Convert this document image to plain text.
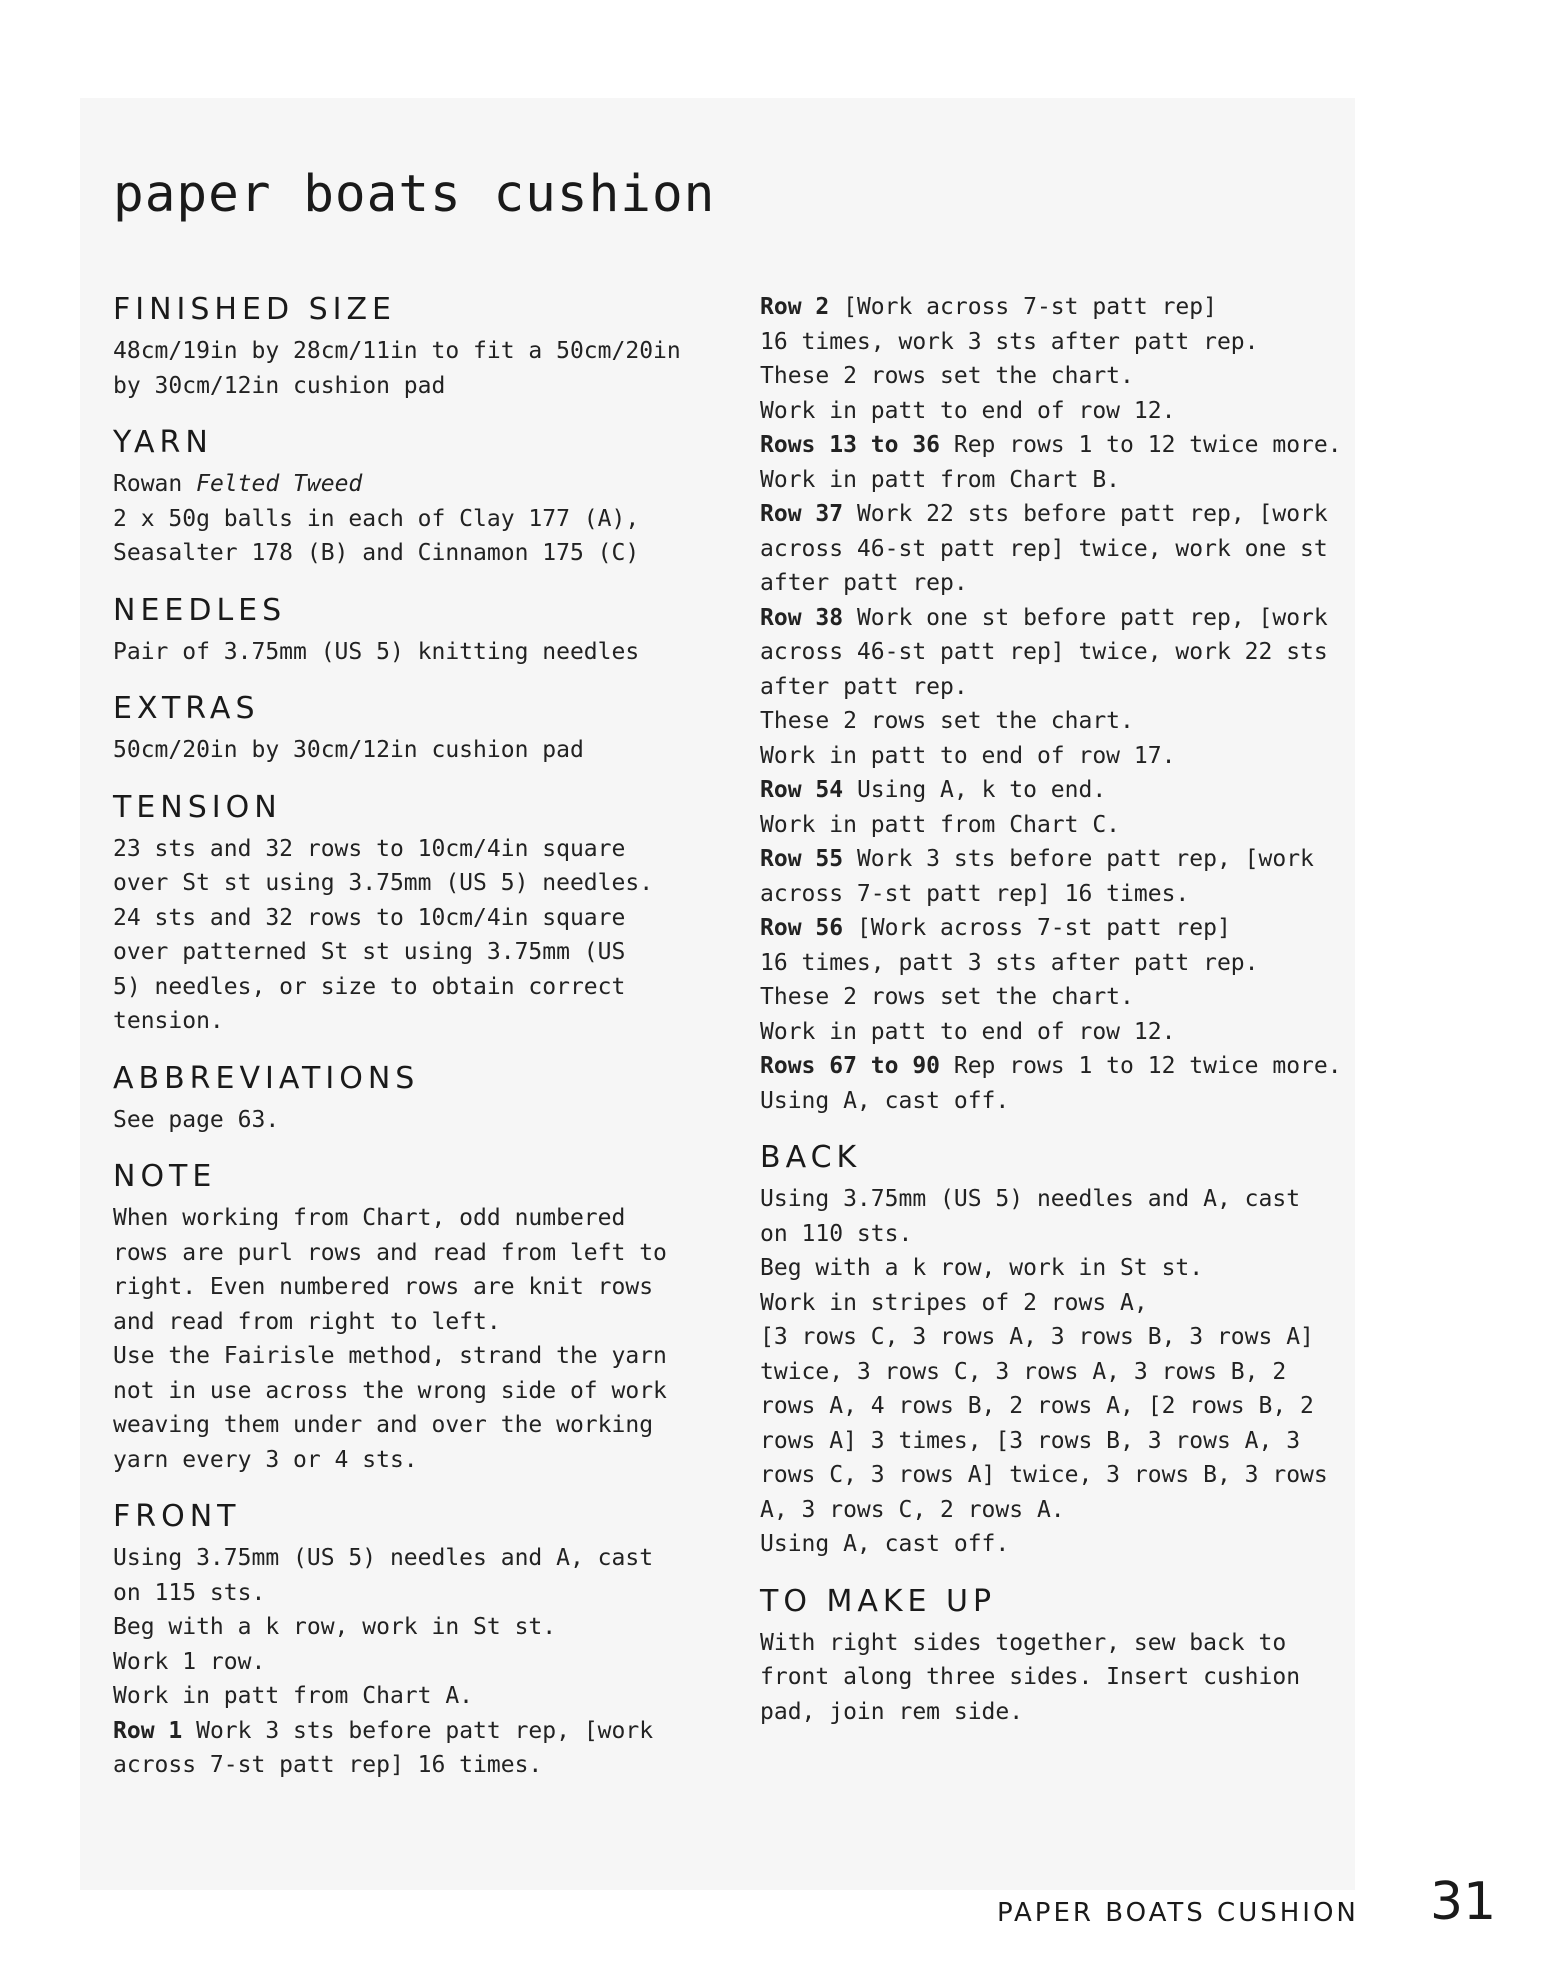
paper boats cushion
FINISHED SIZE
48cm/19in by 28cm/11in to fit a 50cm/20in
by 30cm/12in cushion pad
YARN
Rowan Felted Tweed
2 x 50g balls in each of Clay 177 (A),
Seasalter 178 (B) and Cinnamon 175 (C)
NEEDLES
Pair of 3.75mm (US 5) knitting needles
EXTRAS
50cm/20in by 30cm/12in cushion pad
TENSION
23 sts and 32 rows to 10cm/4in square
over St st using 3.75mm (US 5) needles.
24 sts and 32 rows to 10cm/4in square
over patterned St st using 3.75mm (US
5) needles, or size to obtain correct
tension.
ABBREVIATIONS
See page 63.
NOTE
When working from Chart, odd numbered
rows are purl rows and read from left to
right. Even numbered rows are knit rows
and read from right to left.
Use the Fairisle method, strand the yarn
not in use across the wrong side of work
weaving them under and over the working
yarn every 3 or 4 sts.
FRONT
Using 3.75mm (US 5) needles and A, cast
on 115 sts.
Beg with a k row, work in St st.
Work 1 row.
Work in patt from Chart A.
Row 1 Work 3 sts before patt rep, [work
across 7-st patt rep] 16 times.
Row 2 [Work across 7-st patt rep]
16 times, work 3 sts after patt rep.
These 2 rows set the chart.
Work in patt to end of row 12.
Rows 13 to 36 Rep rows 1 to 12 twice more.
Work in patt from Chart B.
Row 37 Work 22 sts before patt rep, [work
across 46-st patt rep] twice, work one st
after patt rep.
Row 38 Work one st before patt rep, [work
across 46-st patt rep] twice, work 22 sts
after patt rep.
These 2 rows set the chart.
Work in patt to end of row 17.
Row 54 Using A, k to end.
Work in patt from Chart C.
Row 55 Work 3 sts before patt rep, [work
across 7-st patt rep] 16 times.
Row 56 [Work across 7-st patt rep]
16 times, patt 3 sts after patt rep.
These 2 rows set the chart.
Work in patt to end of row 12.
Rows 67 to 90 Rep rows 1 to 12 twice more.
Using A, cast off.
BACK
Using 3.75mm (US 5) needles and A, cast
on 110 sts.
Beg with a k row, work in St st.
Work in stripes of 2 rows A,
[3 rows C, 3 rows A, 3 rows B, 3 rows A]
twice, 3 rows C, 3 rows A, 3 rows B, 2
rows A, 4 rows B, 2 rows A, [2 rows B, 2
rows A] 3 times, [3 rows B, 3 rows A, 3
rows C, 3 rows A] twice, 3 rows B, 3 rows
A, 3 rows C, 2 rows A.
Using A, cast off.
TO MAKE UP
With right sides together, sew back to
front along three sides. Insert cushion
pad, join rem side.
PAPER BOATS CUSHION 31
